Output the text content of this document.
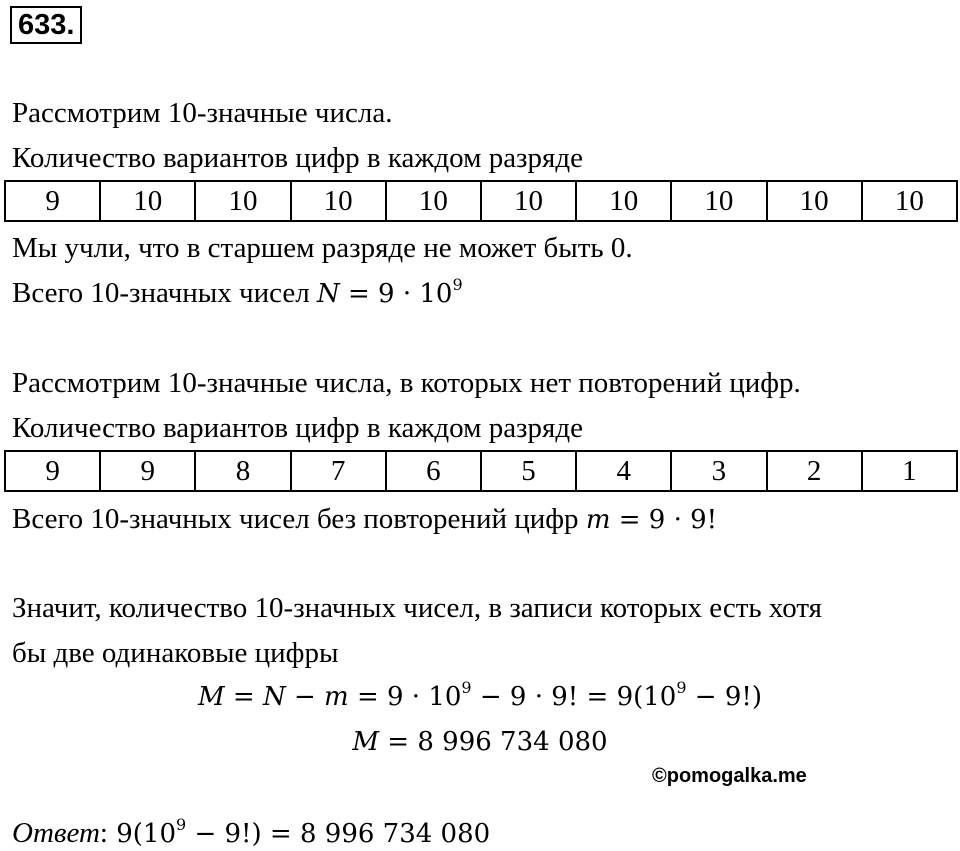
633.
Рассмотрим 10-значные числа.
Количество вариантов цифр в каждом разряде
9	10	10	10	10	10	10	10	10	10
Мы учли, что в старшем разряде не может быть 0.
Всего 10-значных чисел $N = 9 \cdot 10^9$
Рассмотрим 10-значные числа, в которых нет повторений цифр.
Количество вариантов цифр в каждом разряде
9	9	8	7	6	5	4	3	2	1
Всего 10-значных чисел без повторений цифр m = 9 · 9!
Значит, количество 10-значных чисел, в записи которых есть хотя
бы две одинаковые цифры
$M = N - m = 9 \cdot 10^9 - 9 \cdot 9$! = $9(10^9 - 9!)$
M = 8 996 734 080
©pomogalka.me
Ответ: $9(10^9 - 9!) = 8$ 996 734 080
